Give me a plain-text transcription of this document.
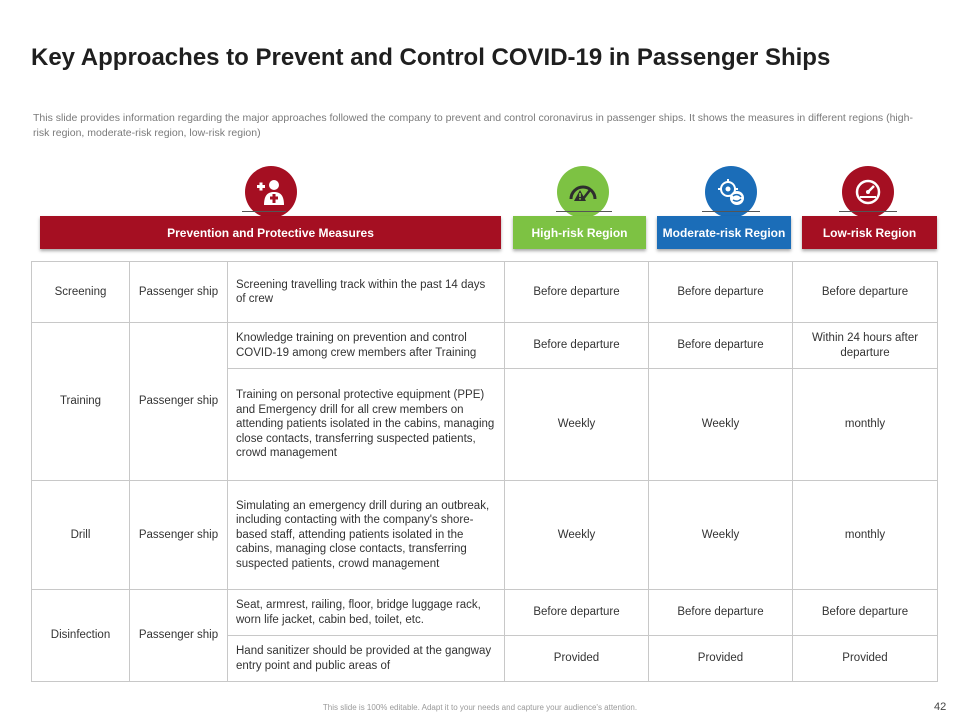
Key Approaches to Prevent and Control COVID-19 in Passenger Ships
This slide provides information regarding the major approaches followed the company to prevent and control coronavirus in passenger ships. It shows the measures in different regions (high-risk region, moderate-risk region, low-risk region)
Prevention and Protective Measures	High-risk Region	Moderate-risk Region	Low-risk Region
Screening	Passenger ship	Screening travelling track within the past 14 days of crew	Before departure	Before departure	Before departure
Training	Passenger ship	Knowledge training on prevention and control COVID-19 among crew members after Training	Before departure	Before departure	Within 24 hours after departure
		Training on personal protective equipment (PPE) and Emergency drill for all crew members on attending patients isolated in the cabins, managing close contacts, transferring suspected patients, crowd management	Weekly	Weekly	monthly
Drill	Passenger ship	Simulating an emergency drill during an outbreak, including contacting with the company's shore-based staff, attending patients isolated in the cabins, managing close contacts, transferring suspected patients, crowd management	Weekly	Weekly	monthly
Disinfection	Passenger ship	Seat, armrest, railing, floor, bridge luggage rack, worn life jacket, cabin bed, toilet, etc.	Before departure	Before departure	Before departure
		Hand sanitizer should be provided at the gangway entry point and public areas of	Provided	Provided	Provided
This slide is 100% editable. Adapt it to your needs and capture your audience's attention.	42
